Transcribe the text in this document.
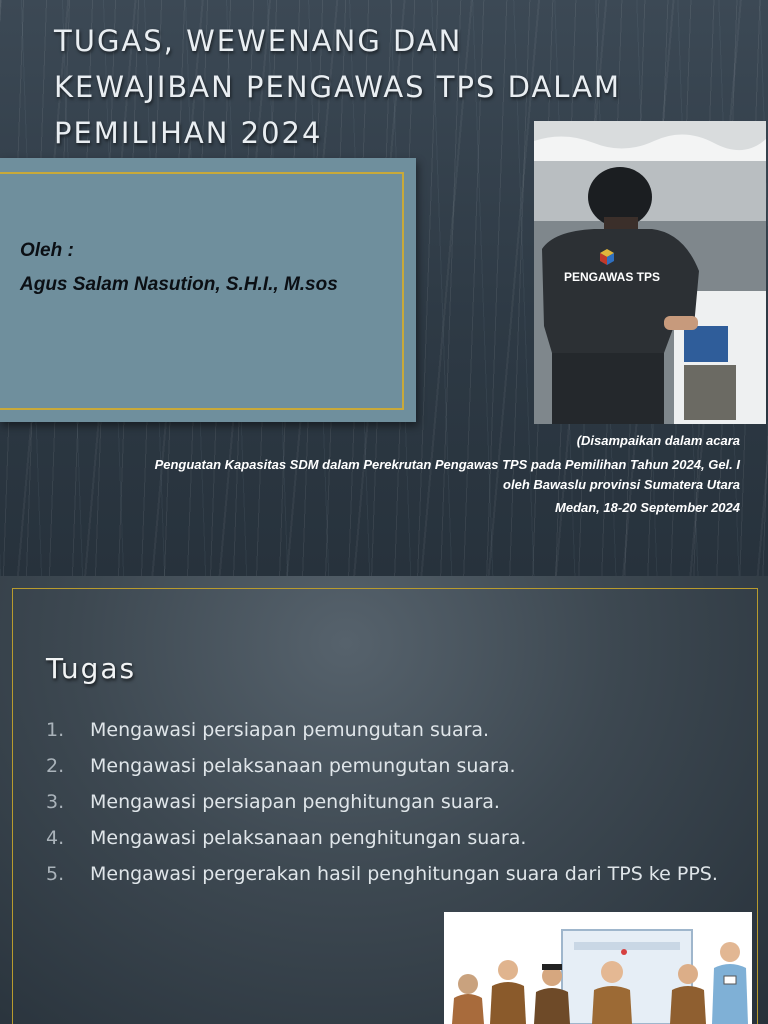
TUGAS, WEWENANG DAN
KEWAJIBAN PENGAWAS TPS DALAM
PEMILIHAN 2024
Oleh :
Agus Salam Nasution, S.H.I., M.sos	PENGAWAS TPS
(Disampaikan dalam acara
Penguatan Kapasitas SDM dalam Perekrutan Pengawas TPS pada Pemilihan Tahun 2024, Gel. I
oleh Bawaslu provinsi Sumatera Utara
Medan, 18-20 September 2024
Tugas
1.	Mengawasi persiapan pemungutan suara.
2.	Mengawasi pelaksanaan pemungutan suara.
3.	Mengawasi persiapan penghitungan suara.
4.	Mengawasi pelaksanaan penghitungan suara.
5.	Mengawasi pergerakan hasil penghitungan suara dari TPS ke PPS.
